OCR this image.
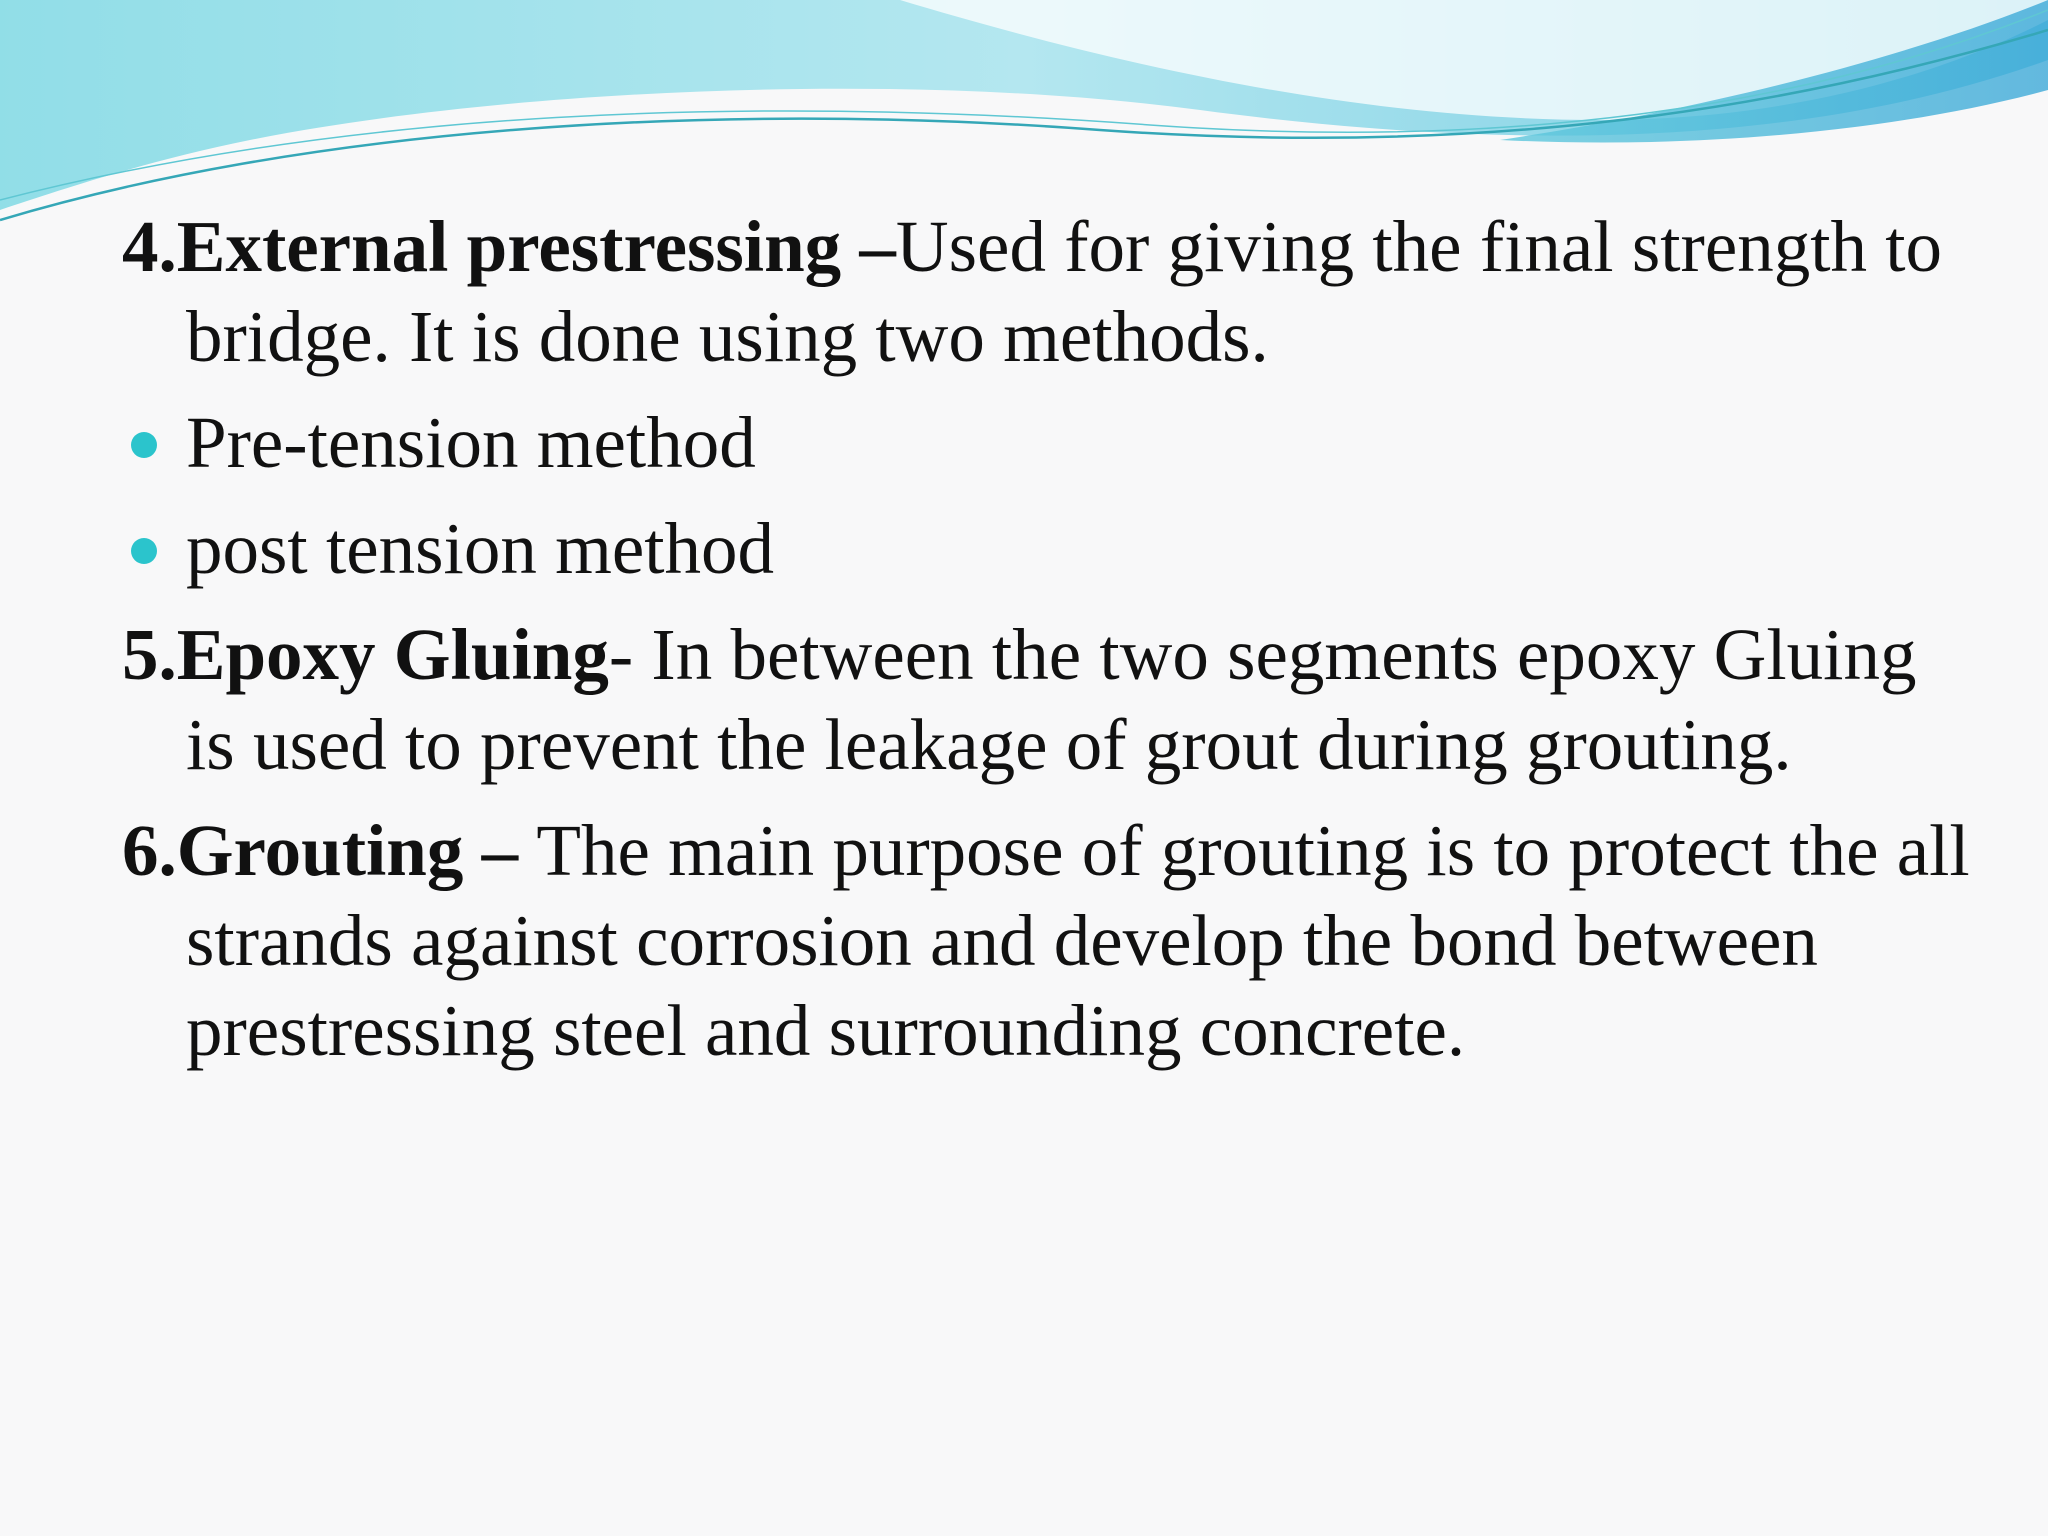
4.External prestressing –Used for giving the final strength to bridge. It is done using two methods.

Pre-tension method
post tension method

5.Epoxy Gluing- In between the two segments epoxy Gluing is used to prevent the leakage of grout during grouting.

6.Grouting – The main purpose of grouting is to protect the all strands against corrosion and develop the bond between prestressing steel and surrounding concrete.
